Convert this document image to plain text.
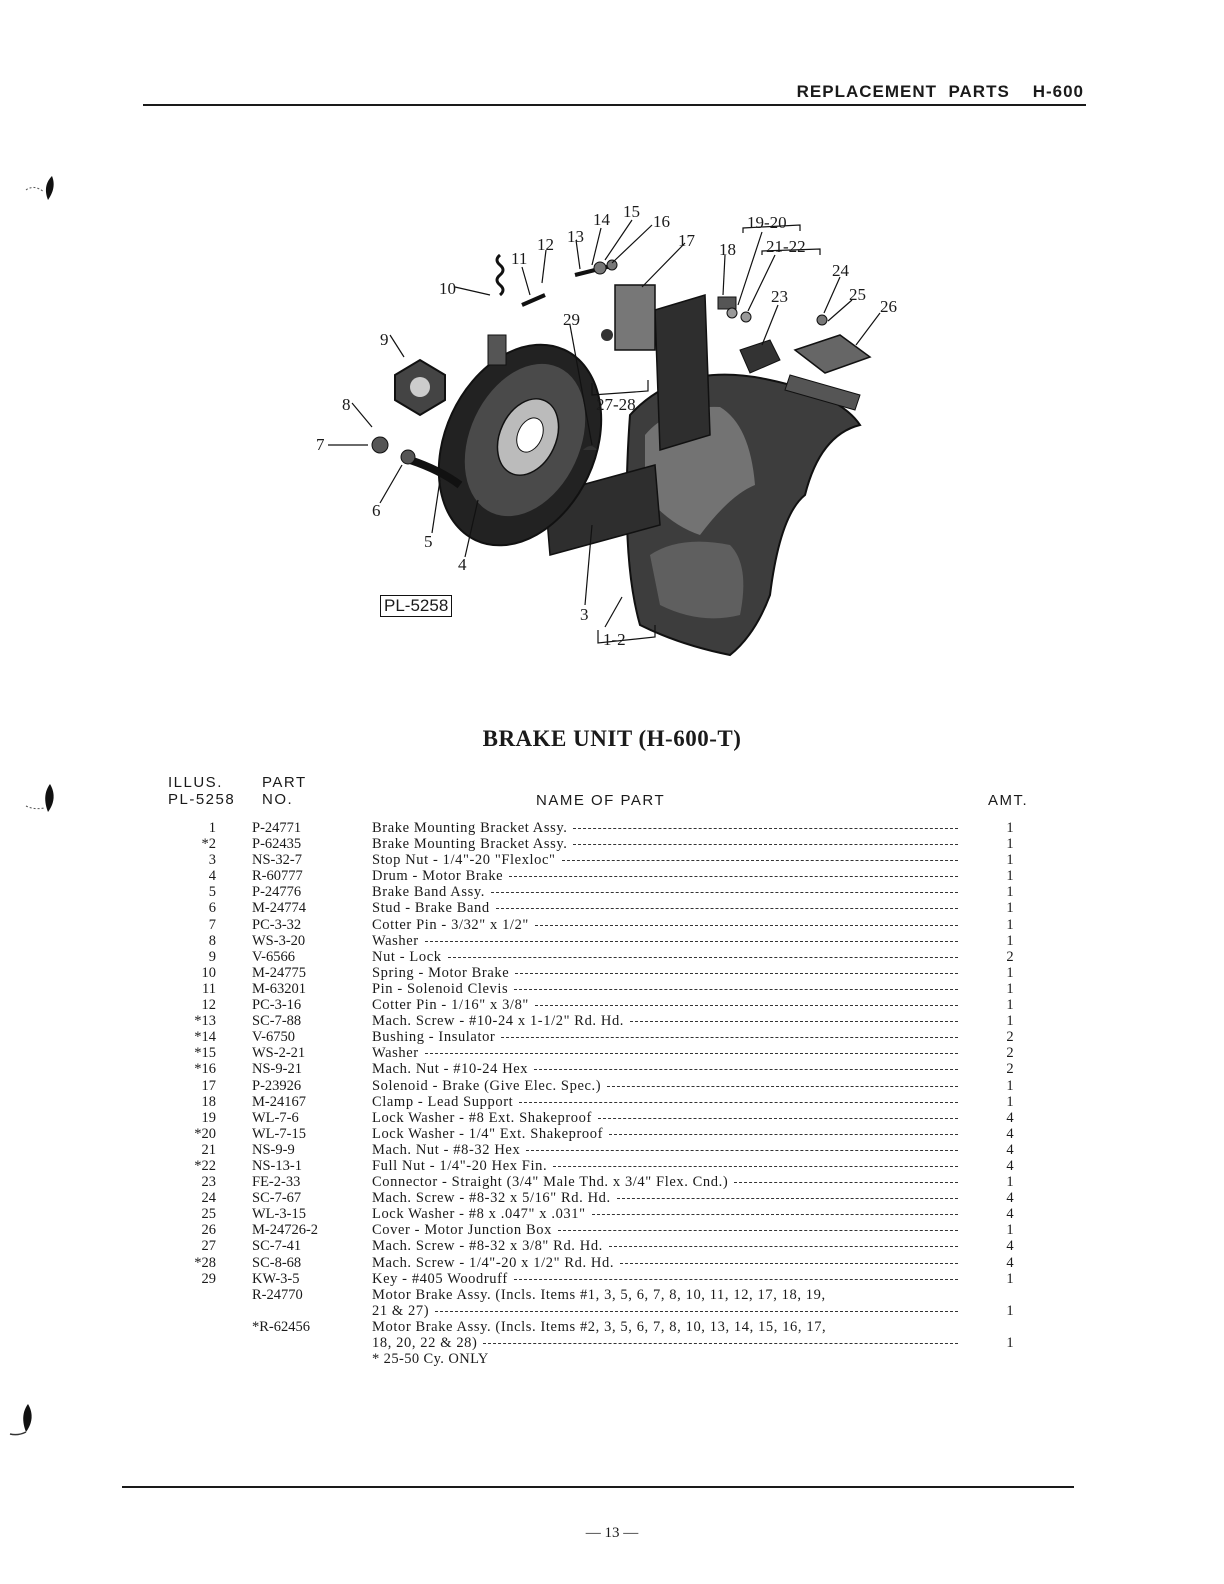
REPLACEMENT  PARTS    H-600
1-2
3
4
5
6
7
8
9
10
11
12 13
14 15
16
17 18
19-20
21-22
23
24
25
26
27-28
29
PL-5258
BRAKE UNIT (H-600-T)
ILLUS.
PL-5258
PART
NO.	NAME OF PART	AMT.
1 P-24771	Brake Mounting Bracket Assy.	1
*2 P-62435	Brake Mounting Bracket Assy.	1
3 NS-32-7	Stop Nut - 1/4"-20 "Flexloc"	1
4 R-60777	Drum - Motor Brake	1
5 P-24776	Brake Band Assy.	1
6 M-24774	Stud - Brake Band	1
7 PC-3-32	Cotter Pin - 3/32" x 1/2"	1
8 WS-3-20	Washer	1
9 V-6566	Nut - Lock	2
10 M-24775	Spring - Motor Brake	1
11 M-63201	Pin - Solenoid Clevis	1
12 PC-3-16	Cotter Pin - 1/16" x 3/8"	1
*13 SC-7-88	Mach. Screw - #10-24 x 1-1/2" Rd. Hd.	1
*14 V-6750	Bushing - Insulator	2
*15 WS-2-21	Washer	2
*16 NS-9-21	Mach. Nut - #10-24 Hex	2
17 P-23926	Solenoid - Brake (Give Elec. Spec.)	1
18 M-24167	Clamp - Lead Support	1
19 WL-7-6	Lock Washer - #8 Ext. Shakeproof	4
*20 WL-7-15	Lock Washer - 1/4" Ext. Shakeproof	4
21 NS-9-9	Mach. Nut - #8-32 Hex	4
*22 NS-13-1	Full Nut - 1/4"-20 Hex Fin.	4
23 FE-2-33	Connector - Straight (3/4" Male Thd. x 3/4" Flex. Cnd.)	1
24 SC-7-67	Mach. Screw - #8-32 x 5/16" Rd. Hd.	4
25 WL-3-15	Lock Washer - #8 x .047" x .031"	4
26 M-24726-2	Cover - Motor Junction Box	1
27 SC-7-41	Mach. Screw - #8-32 x 3/8" Rd. Hd.	4
*28 SC-8-68	Mach. Screw - 1/4"-20 x 1/2" Rd. Hd.	4
29 KW-3-5	Key - #405 Woodruff	1
R-24770	Motor Brake Assy. (Incls. Items #1, 3, 5, 6, 7, 8, 10, 11, 12, 17, 18, 19,
21 & 27)	1
*R-62456	Motor Brake Assy. (Incls. Items #2, 3, 5, 6, 7, 8, 10, 13, 14, 15, 16, 17,
18, 20, 22 & 28)	1
* 25-50 Cy. ONLY
— 13 —
